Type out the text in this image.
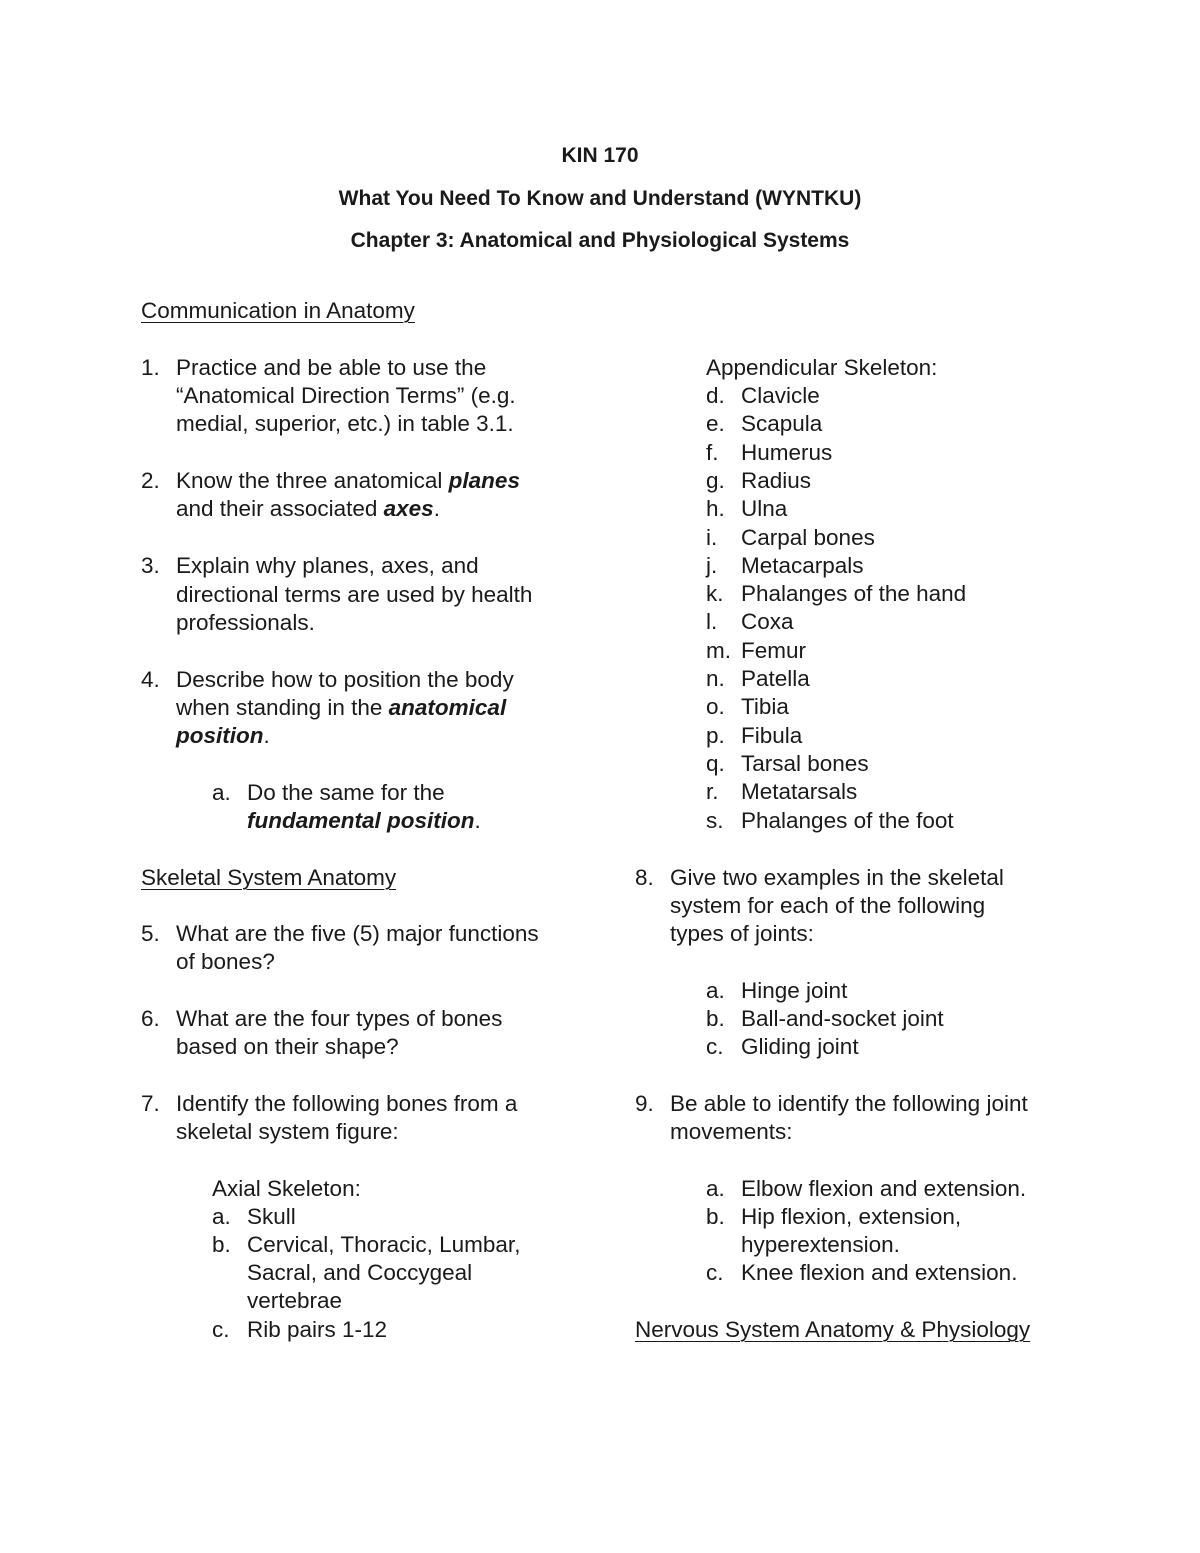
KIN 170
What You Need To Know and Understand (WYNTKU)
Chapter 3: Anatomical and Physiological Systems
Communication in Anatomy
1. Practice and be able to use the
“Anatomical Direction Terms” (e.g.
medial, superior, etc.) in table 3.1.
2. Know the three anatomical planes
and their associated axes.
3. Explain why planes, axes, and
directional terms are used by health
professionals.
4. Describe how to position the body
when standing in the anatomical
position.
a. Do the same for the
fundamental position.
Skeletal System Anatomy
5. What are the five (5) major functions
of bones?
6. What are the four types of bones
based on their shape?
7. Identify the following bones from a
skeletal system figure:
Axial Skeleton:
a. Skull
b. Cervical, Thoracic, Lumbar,
Sacral, and Coccygeal
vertebrae
c. Rib pairs 1-12
Appendicular Skeleton:
d. Clavicle
e. Scapula
f. Humerus
g. Radius
h. Ulna
i. Carpal bones
j. Metacarpals
k. Phalanges of the hand
l. Coxa
m. Femur
n. Patella
o. Tibia
p. Fibula
q. Tarsal bones
r. Metatarsals
s. Phalanges of the foot
8. Give two examples in the skeletal
system for each of the following
types of joints:
a. Hinge joint
b. Ball-and-socket joint
c. Gliding joint
9. Be able to identify the following joint
movements:
a. Elbow flexion and extension.
b. Hip flexion, extension,
hyperextension.
c. Knee flexion and extension.
Nervous System Anatomy & Physiology
